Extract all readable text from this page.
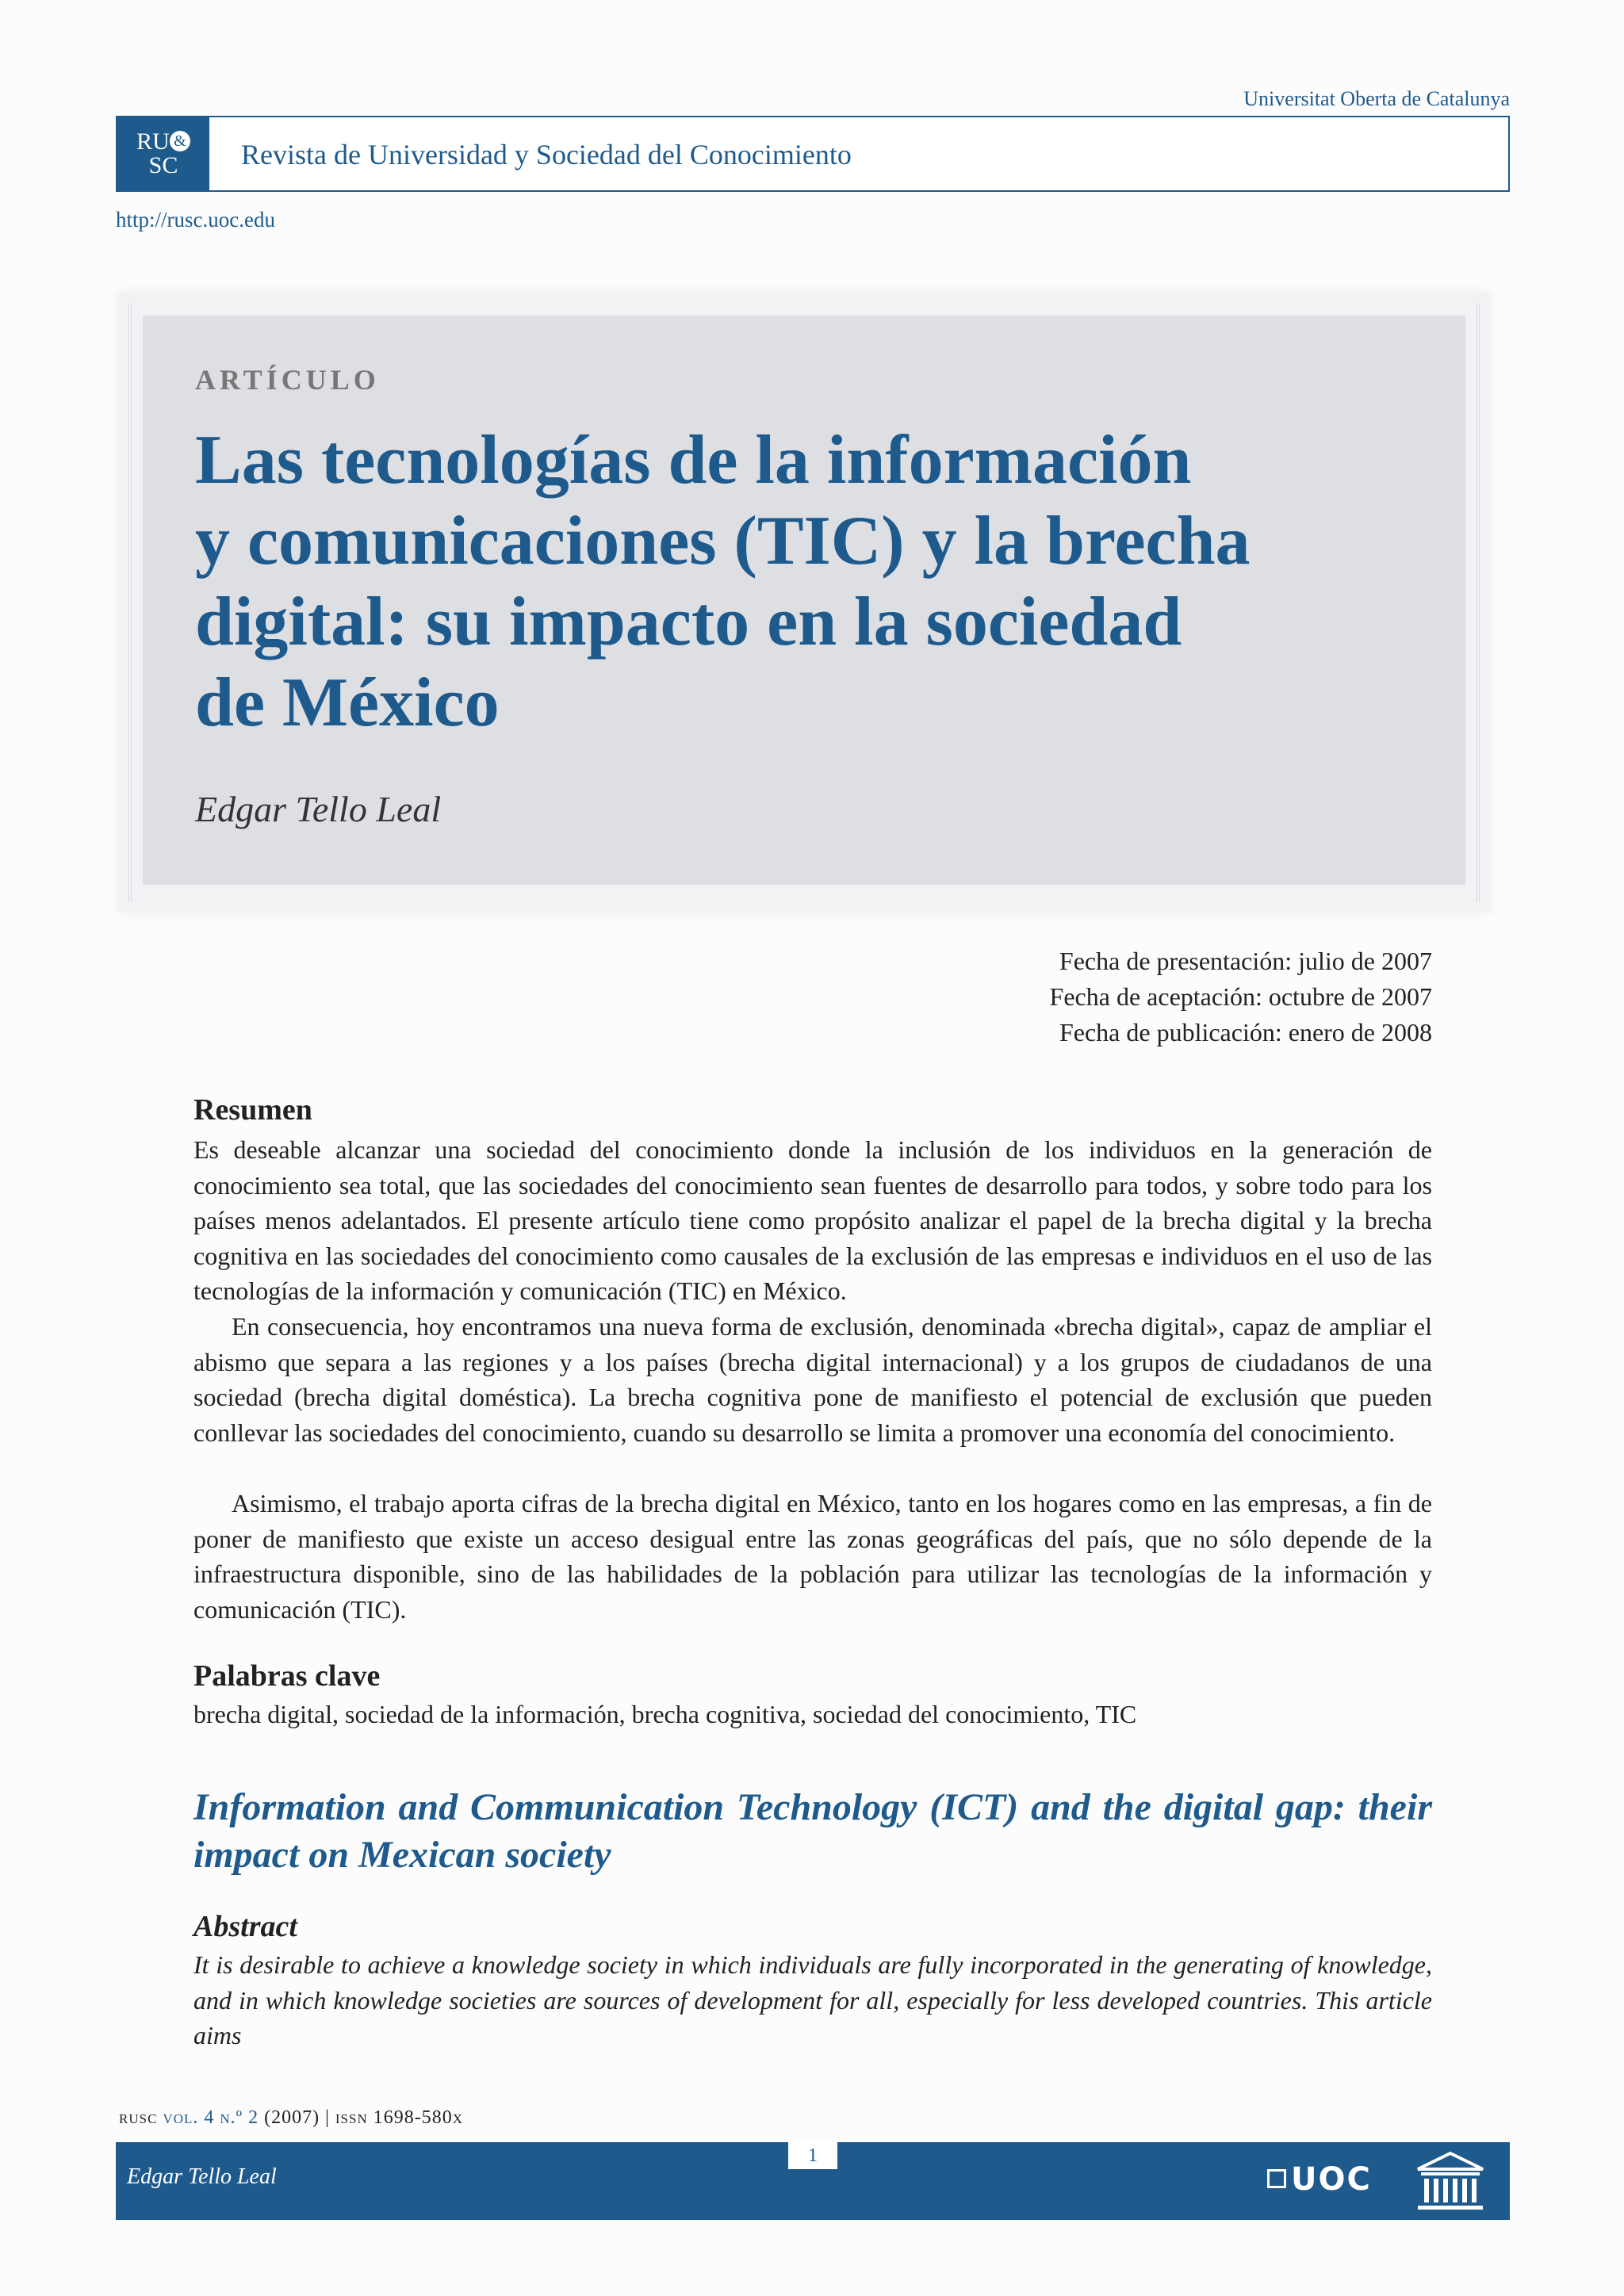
Universitat Oberta de Catalunya
RU &
SC	Revista de Universidad y Sociedad del Conocimiento
http://rusc.uoc.edu
ARTÍCULO
Las tecnologías de la información
y comunicaciones (TIC) y la brecha
digital: su impacto en la sociedad
de México
Edgar Tello Leal
Fecha de presentación: julio de 2007
Fecha de aceptación: octubre de 2007
Fecha de publicación: enero de 2008
Resumen
Es deseable alcanzar una sociedad del conocimiento donde la inclusión de los individuos en la generación de conocimiento sea total, que las sociedades del conocimiento sean fuentes de desarrollo para todos, y sobre todo para los países menos adelantados. El presente artículo tiene como propósito analizar el papel de la brecha digital y la brecha cognitiva en las sociedades del conocimiento como causales de la exclusión de las empresas e individuos en el uso de las tecnologías de la información y comunicación (TIC) en México.
En consecuencia, hoy encontramos una nueva forma de exclusión, denominada «brecha digital», capaz de ampliar el abismo que separa a las regiones y a los países (brecha digital internacional) y a los grupos de ciudadanos de una sociedad (brecha digital doméstica). La brecha cognitiva pone de manifiesto el potencial de exclusión que pueden conllevar las sociedades del conocimiento, cuando su desarrollo se limita a promover una economía del conocimiento.
Asimismo, el trabajo aporta cifras de la brecha digital en México, tanto en los hogares como en las empresas, a fin de poner de manifiesto que existe un acceso desigual entre las zonas geográficas del país, que no sólo depende de la infraestructura disponible, sino de las habilidades de la población para utilizar las tecnologías de la información y comunicación (TIC).
Palabras clave
brecha digital, sociedad de la información, brecha cognitiva, sociedad del conocimiento, TIC
Information and Communication Technology (ICT) and the digital gap: their impact on Mexican society
Abstract
It is desirable to achieve a knowledge society in which individuals are fully incorporated in the generating of knowledge, and in which knowledge societies are sources of development for all, especially for less developed countries. This article aims
rusc vol. 4 n.º 2 (2007) | issn 1698-580x
1
Edgar Tello Leal	UOC
